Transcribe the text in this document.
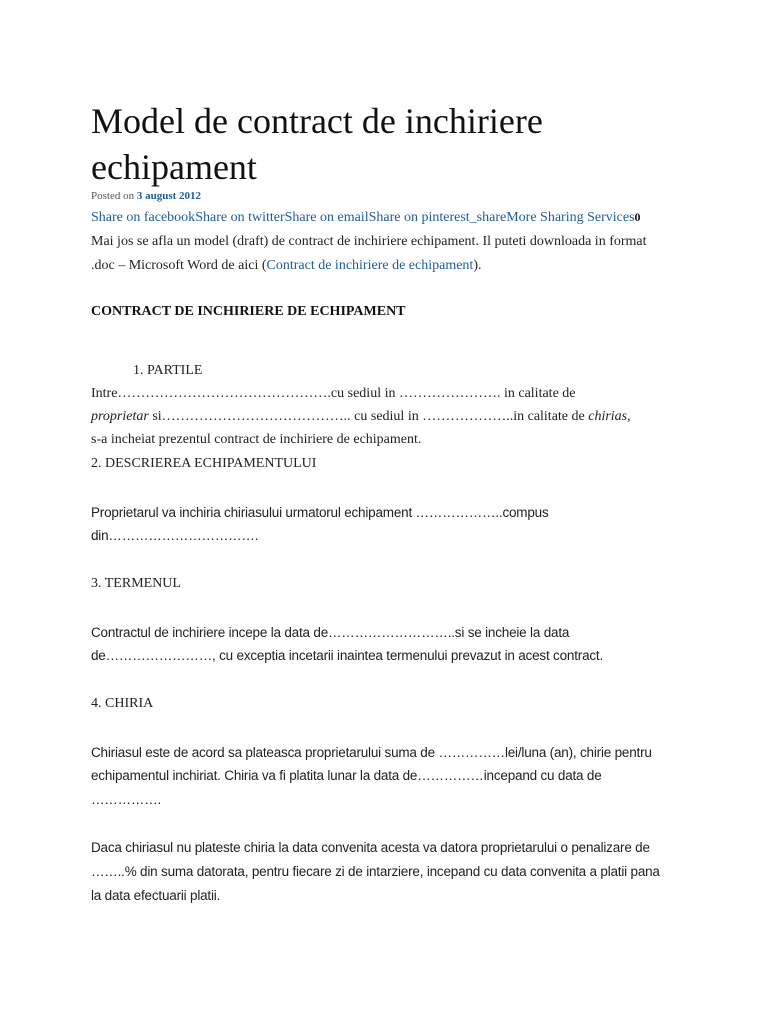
Model de contract de inchiriere
echipament
Posted on 3 august 2012
Share on facebookShare on twitterShare on emailShare on pinterest_shareMore Sharing Services0
Mai jos se afla un model (draft) de contract de inchiriere echipament. Il puteti downloada in format
.doc – Microsoft Word de aici (Contract de inchiriere de echipament).
CONTRACT DE INCHIRIERE DE ECHIPAMENT
1. PARTILE
Intre……………………………………….cu sediul in …………………. in calitate de
proprietar si………………………………….. cu sediul in ………………..in calitate de chirias,
s-a incheiat prezentul contract de inchiriere de echipament.
2. DESCRIEREA ECHIPAMENTULUI
Proprietarul va inchiria chiriasului urmatorul echipament ………………..compus
din…………………………….
3. TERMENUL
Contractul de inchiriere incepe la data de………………………..si se incheie la data
de……………………, cu exceptia incetarii inaintea termenului prevazut in acest contract.
4. CHIRIA
Chiriasul este de acord sa plateasca proprietarului suma de ……………lei/luna (an), chirie pentru
echipamentul inchiriat. Chiria va fi platita lunar la data de……………incepand cu data de
…………….
Daca chiriasul nu plateste chiria la data convenita acesta va datora proprietarului o penalizare de
……..% din suma datorata, pentru fiecare zi de intarziere, incepand cu data convenita a platii pana
la data efectuarii platii.
